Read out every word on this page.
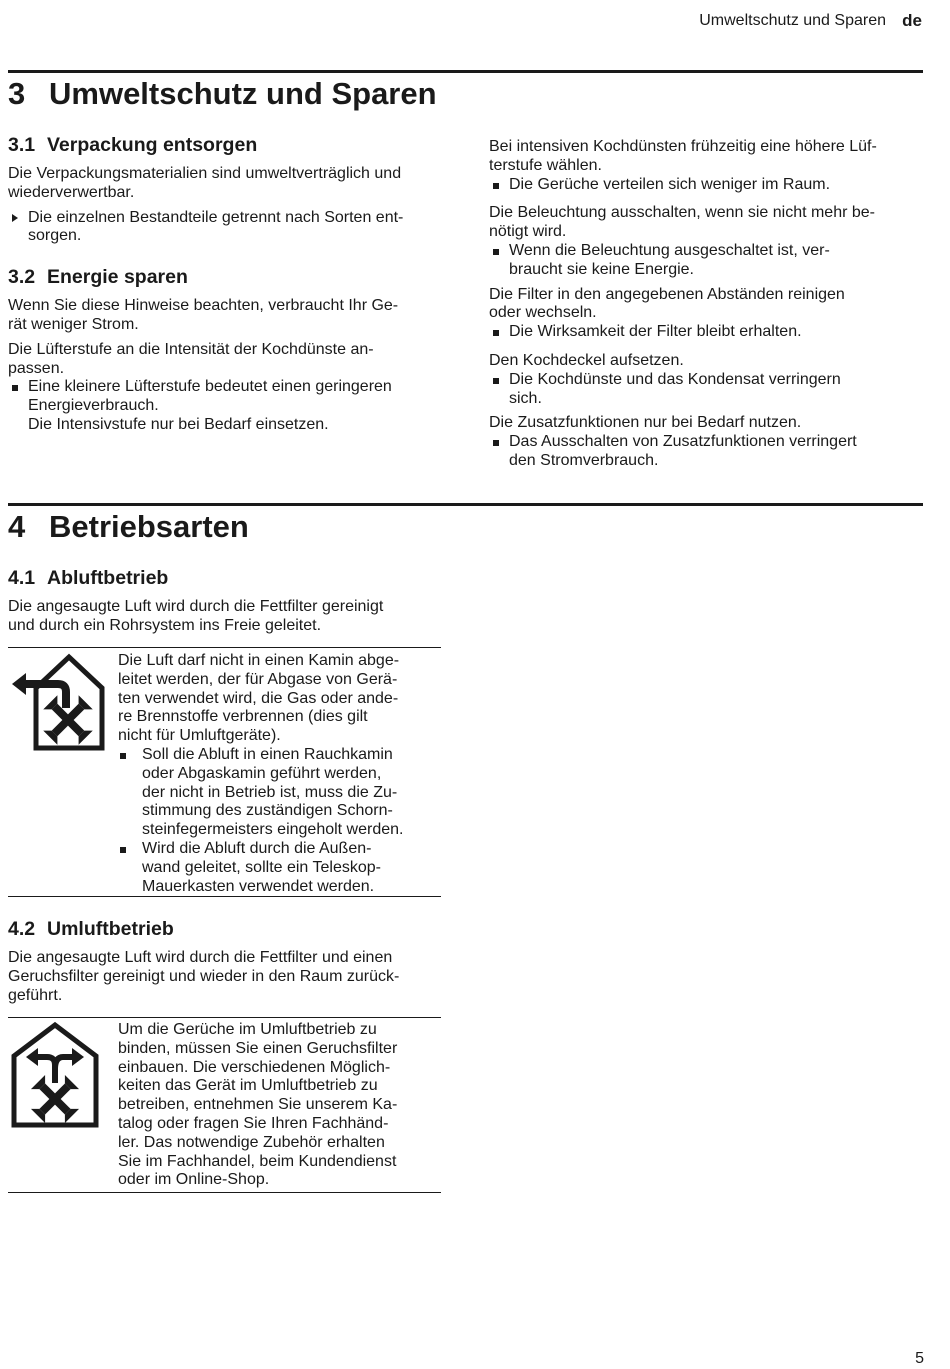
Umweltschutz und Sparen de
3 Umweltschutz und Sparen
3.1 Verpackung entsorgen

Die Verpackungsmaterialien sind umweltverträglich und
wiederverwertbar.

Die einzelnen Bestandteile getrennt nach Sorten ent-
sorgen.
3.2 Energie sparen

Wenn Sie diese Hinweise beachten, verbraucht Ihr Ge-
rät weniger Strom.

Die Lüfterstufe an die Intensität der Kochdünste an-
passen.

Eine kleinere Lüfterstufe bedeutet einen geringeren
Energieverbrauch.
Die Intensivstufe nur bei Bedarf einsetzen.

Bei intensiven Kochdünsten frühzeitig eine höhere Lüf-
terstufe wählen.

Die Gerüche verteilen sich weniger im Raum.

Die Beleuchtung ausschalten, wenn sie nicht mehr be-
nötigt wird.

Wenn die Beleuchtung ausgeschaltet ist, ver-
braucht sie keine Energie.

Die Filter in den angegebenen Abständen reinigen
oder wechseln.

Die Wirksamkeit der Filter bleibt erhalten.

Den Kochdeckel aufsetzen.

Die Kochdünste und das Kondensat verringern
sich.

Die Zusatzfunktionen nur bei Bedarf nutzen.

Das Ausschalten von Zusatzfunktionen verringert
den Stromverbrauch.
4 Betriebsarten
4.1 Abluftbetrieb

Die angesaugte Luft wird durch die Fettfilter gereinigt
und durch ein Rohrsystem ins Freie geleitet.

Die Luft darf nicht in einen Kamin abge-
leitet werden, der für Abgase von Gerä-
ten verwendet wird, die Gas oder ande-
re Brennstoffe verbrennen (dies gilt
nicht für Umluftgeräte).

Soll die Abluft in einen Rauchkamin
oder Abgaskamin geführt werden,
der nicht in Betrieb ist, muss die Zu-
stimmung des zuständigen Schorn-
steinfegermeisters eingeholt werden.
Wird die Abluft durch die Außen-
wand geleitet, sollte ein Teleskop-
Mauerkasten verwendet werden.
4.2 Umluftbetrieb

Die angesaugte Luft wird durch die Fettfilter und einen
Geruchsfilter gereinigt und wieder in den Raum zurück-
geführt.

Um die Gerüche im Umluftbetrieb zu
binden, müssen Sie einen Geruchsfilter
einbauen. Die verschiedenen Möglich-
keiten das Gerät im Umluftbetrieb zu
betreiben, entnehmen Sie unserem Ka-
talog oder fragen Sie Ihren Fachhänd-
ler. Das notwendige Zubehör erhalten
Sie im Fachhandel, beim Kundendienst
oder im Online-Shop.

5
